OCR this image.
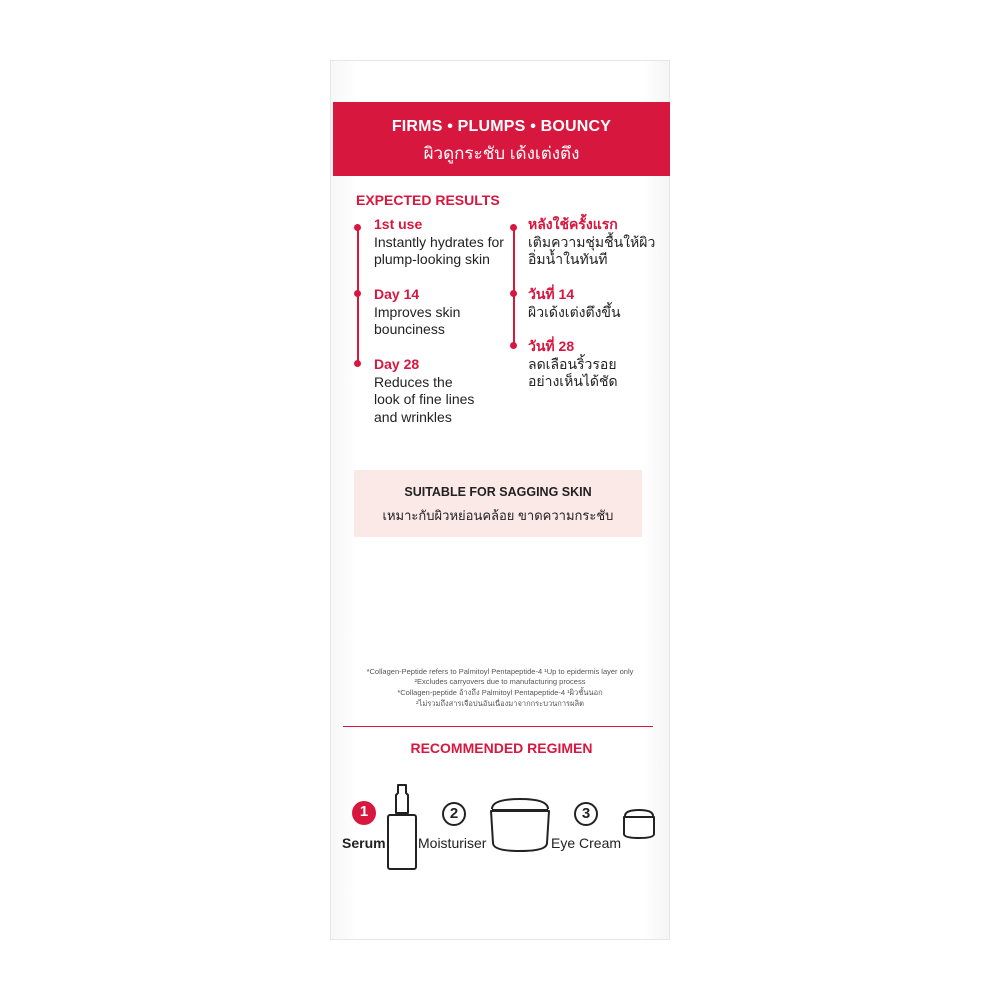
FIRMS • PLUMPS • BOUNCY
ผิวดูกระชับ เด้งเต่งตึง
EXPECTED RESULTS
1st use
Instantly hydrates for
plump-looking skin
Day 14
Improves skin
bounciness
Day 28
Reduces the
look of fine lines
and wrinkles
หลังใช้ครั้งแรก
เติมความชุ่มชื้นให้ผิว
อิ่มน้ำในทันที
วันที่ 14
ผิวเด้งเต่งตึงขึ้น
วันที่ 28
ลดเลือนริ้วรอย
อย่างเห็นได้ชัด
SUITABLE FOR SAGGING SKIN
เหมาะกับผิวหย่อนคล้อย ขาดความกระชับ
*Collagen-Peptide refers to Palmitoyl Pentapeptide-4 ¹Up to epidermis layer only
²Excludes carryovers due to manufacturing process
*Collagen-peptide อ้างถึง Palmitoyl Pentapeptide-4 ¹ผิวชั้นนอก
²ไม่รวมถึงสารเจือปนอันเนื่องมาจากกระบวนการผลิต
RECOMMENDED REGIMEN
1
Serum
2
Moisturiser
3
Eye Cream
